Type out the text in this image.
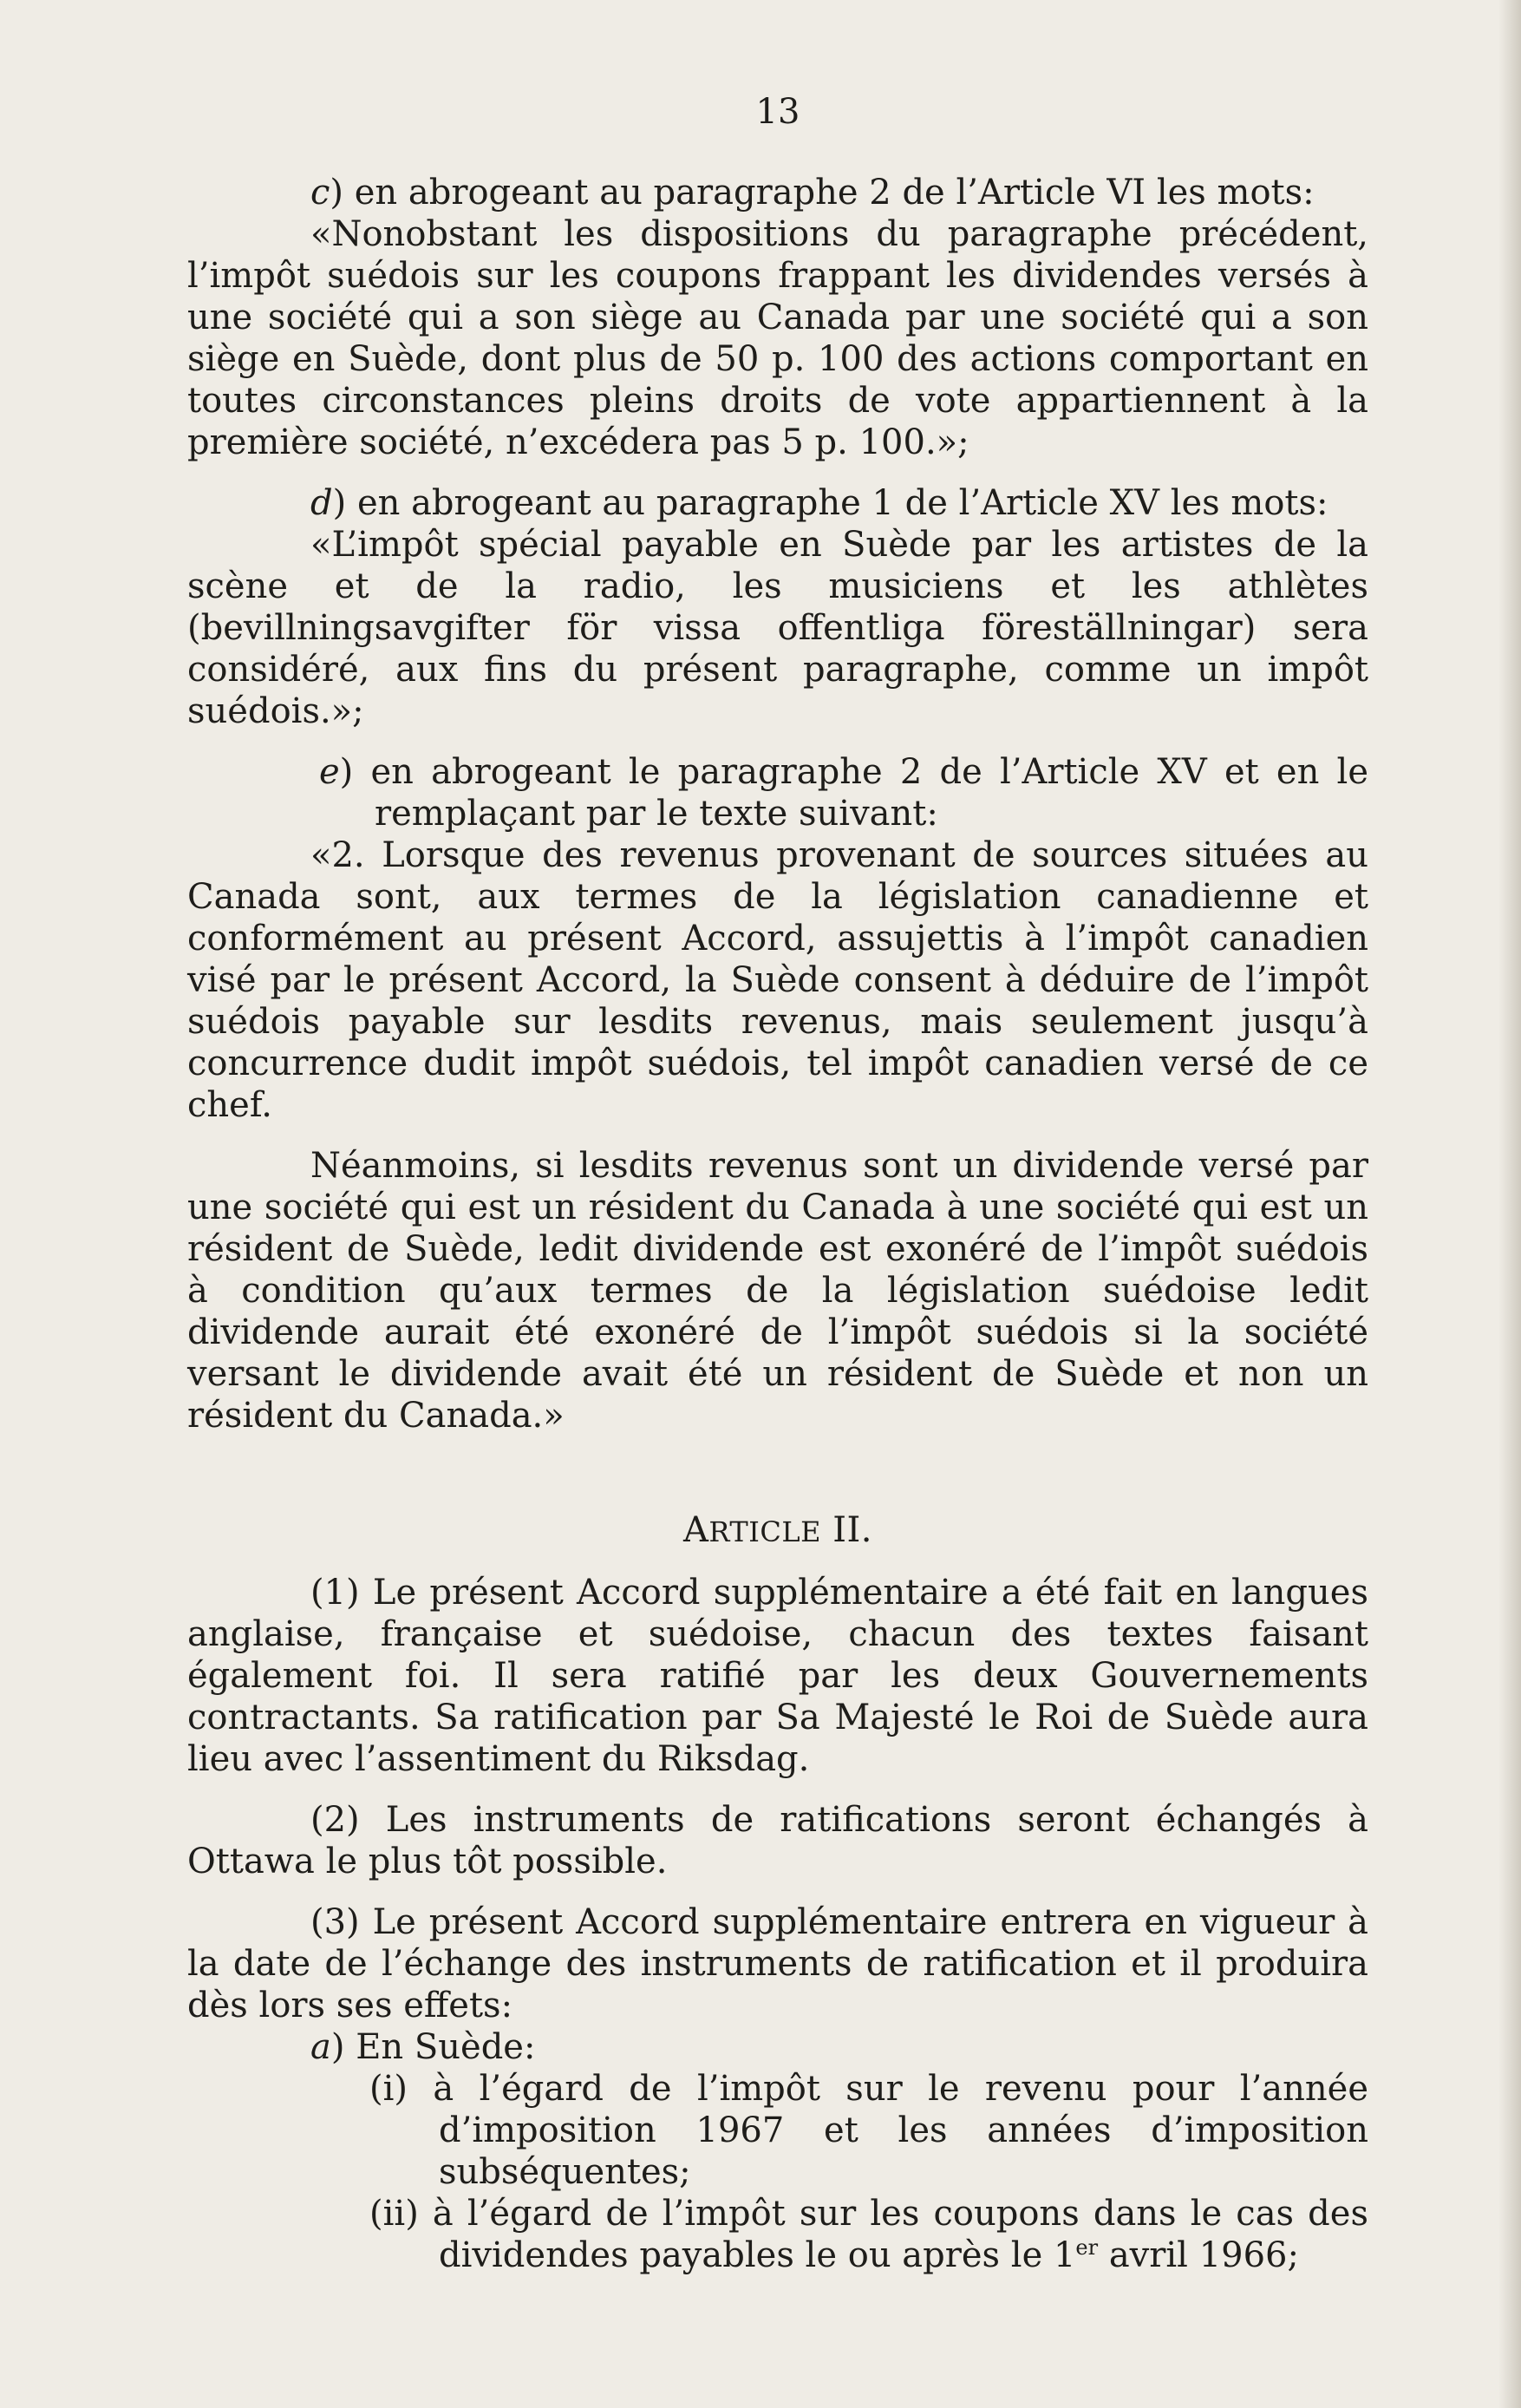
13

c) en abrogeant au paragraphe 2 de l’Article VI les mots:

«Nonobstant les dispositions du paragraphe précédent, l’impôt suédois sur les coupons frappant les dividendes versés à une société qui a son siège au Canada par une société qui a son siège en Suède, dont plus de 50 p. 100 des actions comportant en toutes circonstances pleins droits de vote appartiennent à la première société, n’excédera pas 5 p. 100.»;

d) en abrogeant au paragraphe 1 de l’Article XV les mots:

«L’impôt spécial payable en Suède par les artistes de la scène et de la radio, les musiciens et les athlètes (bevillningsavgifter för vissa offentliga föreställningar) sera considéré, aux fins du présent paragraphe, comme un impôt suédois.»;

e) en abrogeant le paragraphe 2 de l’Article XV et en le remplaçant par le texte suivant:

«2. Lorsque des revenus provenant de sources situées au Canada sont, aux termes de la législation canadienne et conformément au présent Accord, assujettis à l’impôt canadien visé par le présent Accord, la Suède consent à déduire de l’impôt suédois payable sur lesdits revenus, mais seulement jusqu’à concurrence dudit impôt suédois, tel impôt canadien versé de ce chef.

Néanmoins, si lesdits revenus sont un dividende versé par une société qui est un résident du Canada à une société qui est un résident de Suède, ledit dividende est exonéré de l’impôt suédois à condition qu’aux termes de la législation suédoise ledit dividende aurait été exonéré de l’impôt suédois si la société versant le dividende avait été un résident de Suède et non un résident du Canada.»

ARTICLE II.

(1) Le présent Accord supplémentaire a été fait en langues anglaise, française et suédoise, chacun des textes faisant également foi. Il sera ratifié par les deux Gouvernements contractants. Sa ratification par Sa Majesté le Roi de Suède aura lieu avec l’assentiment du Riksdag.

(2) Les instruments de ratifications seront échangés à Ottawa le plus tôt possible.

(3) Le présent Accord supplémentaire entrera en vigueur à la date de l’échange des instruments de ratification et il produira dès lors ses effets:

a) En Suède:

(i) à l’égard de l’impôt sur le revenu pour l’année d’imposition 1967 et les années d’imposition subséquentes;

(ii) à l’égard de l’impôt sur les coupons dans le cas des dividendes payables le ou après le 1er avril 1966;
